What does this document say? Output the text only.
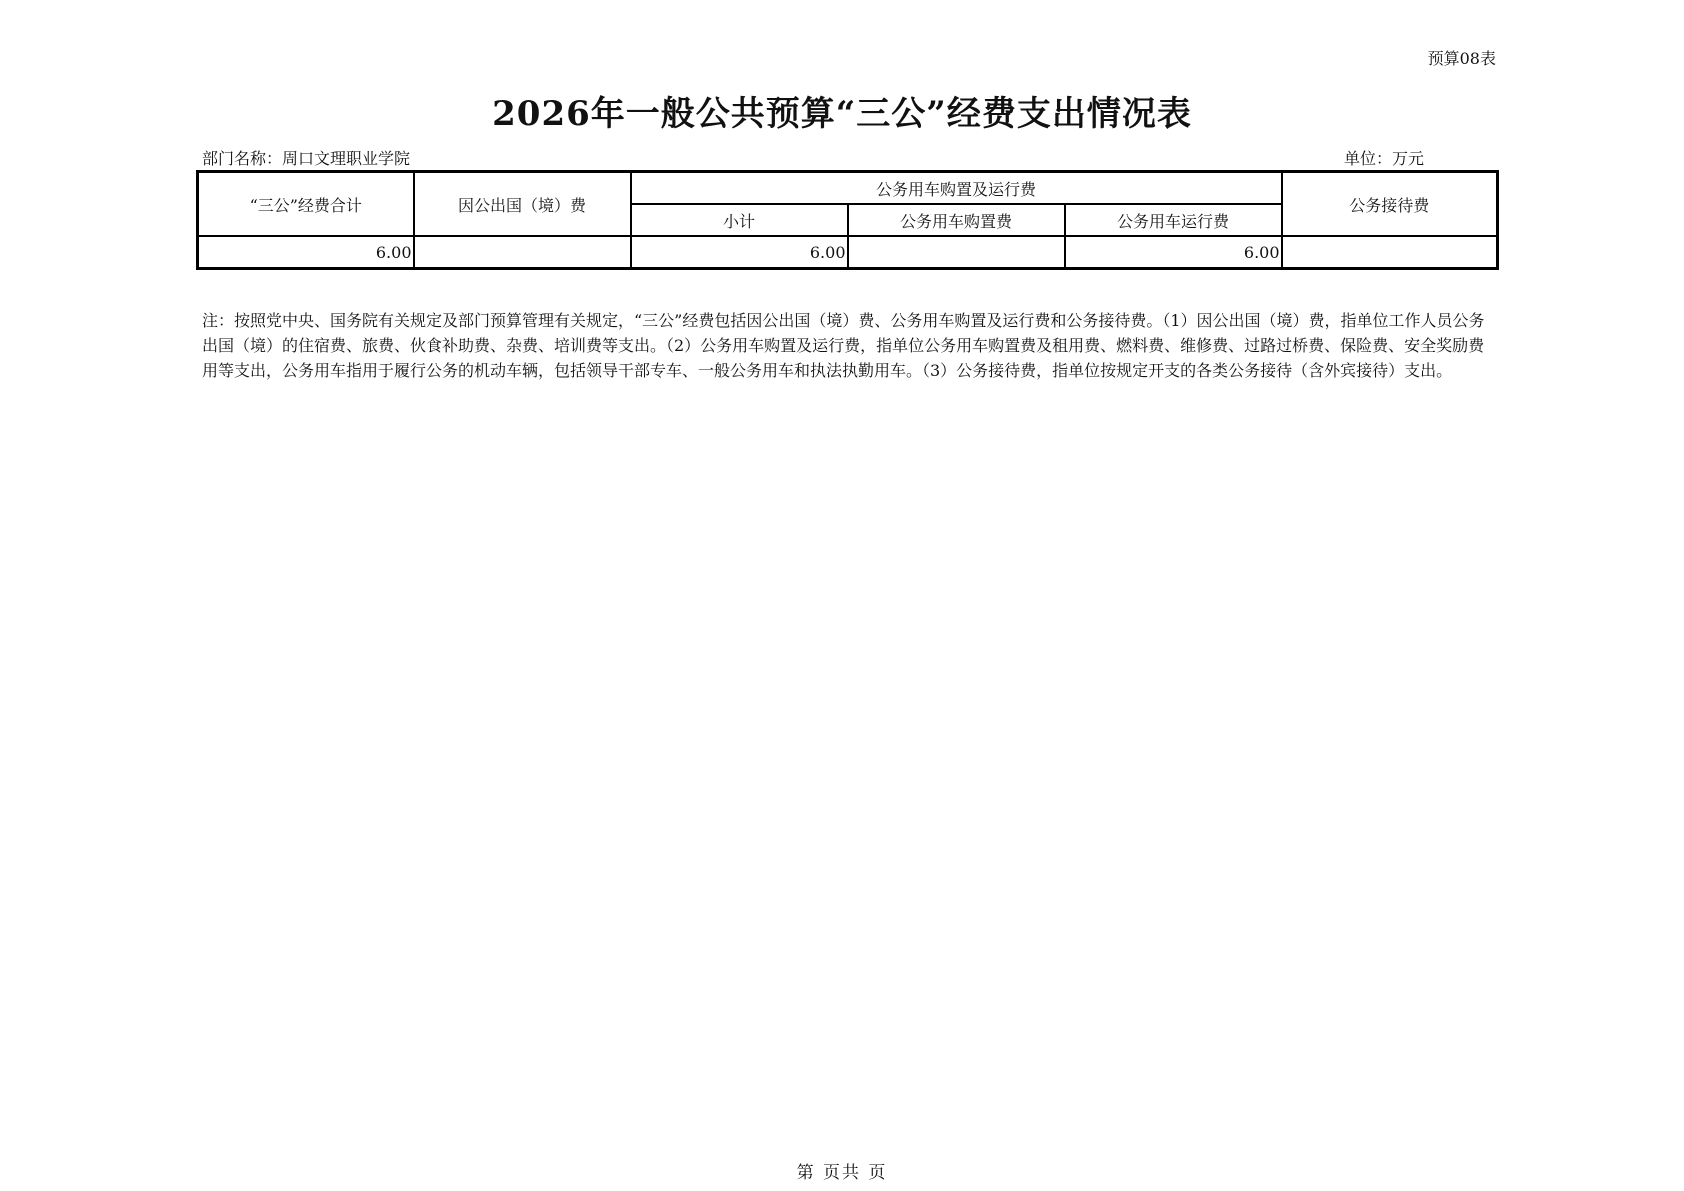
预算08表
2026年一般公共预算“三公”经费支出情况表
部门名称：周口文理职业学院	单位：万元
“三公”经费合计	因公出国（境）费	公务用车购置及运行费			公务接待费
		小计	公务用车购置费	公务用车运行费	
6.00		6.00		6.00	
注：按照党中央、国务院有关规定及部门预算管理有关规定，“三公”经费包括因公出国（境）费、公务用车购置及运行费和公务接待费。（1）因公出国（境）费，指单位工作人员公务出国（境）的住宿费、旅费、伙食补助费、杂费、培训费等支出。（2）公务用车购置及运行费，指单位公务用车购置费及租用费、燃料费、维修费、过路过桥费、保险费、安全奖励费用等支出，公务用车指用于履行公务的机动车辆，包括领导干部专车、一般公务用车和执法执勤用车。（3）公务接待费，指单位按规定开支的各类公务接待（含外宾接待）支出。
第 页共 页
